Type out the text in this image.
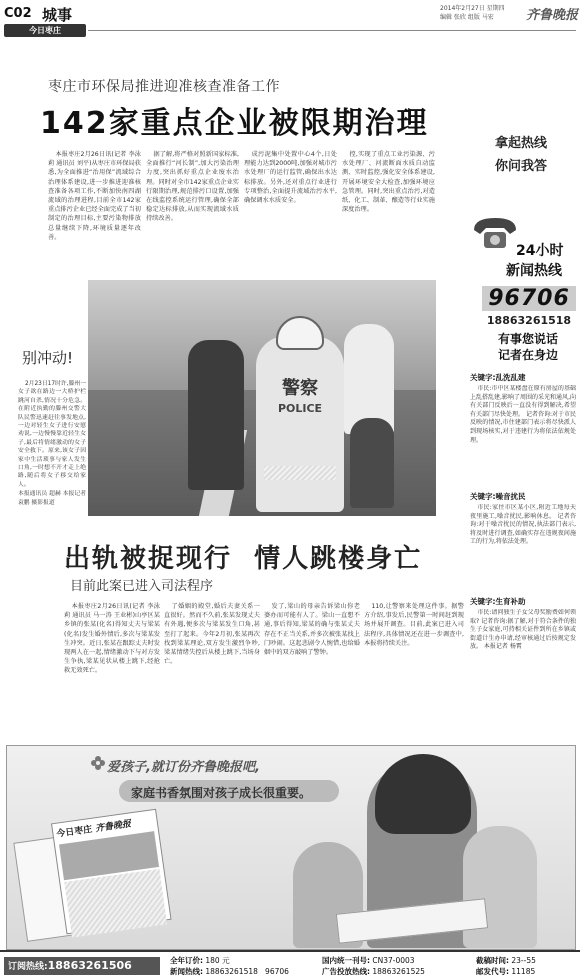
C02 城事
今日枣庄
2014年2月27日 星期四
编辑 张欣 组版 马宏	齐鲁晚报
枣庄市环保局推进迎准核查准备工作
142家重点企业被限期治理

本报枣庄2月26日讯(记者 李泳莉 通讯员 刘平)从枣庄市环保局获悉,为全面推进“治用保”流域综合治理体系建设,进一步推进迎准核查准备各项工作,不断加快南四湖流域的治理进程,目前全市142家重点排污企业已经全面完成了当初制定的治理目标,主要污染物排放总量继续下降,环境质量逐年改善。

据了解,将严格对照新国家标准,全面推行“河长制”,加大污染治理力度,突出抓好重点企业废水治理。同时对全市142家重点企业实行限期治理,规范排污口设置,加强在线监控系统运行管理,确保全部稳定达标排放,从而实现流域水质持续改善。

成污泥集中处置中心4个,日处理能力达到2000吨,加强对城市污水处理厂的运行监管,确保出水达标排放。另外,还对重点行业进行专项整治,全面提升流域治污水平,确保调水水质安全。

控,实现了重点工业污染源、污水处理厂、河流断面水质自动监测、实时监控,强化安全体系建设,开展环境安全大检查,加强环境应急管理。同时,突出重点治污,对造纸、化工、制革、酿造等行业实施深度治理。

拿起热线
你问我答
24小时
新闻热线
96706
18863261518
有事您说话
记者在身边
别冲动!

2月23日17时许,滕州一女子欲在路边一大桥护栏跳河自杀,情况十分危急。在附近执勤的滕州交警大队民警迅速赶往事发地点,一边对轻生女子进行安慰劝说,一边慢慢靠近轻生女子,最后将情绪激动的女子安全救下。原来,该女子因家中生活琐事与家人发生口角,一时想不开才走上绝路,随后将女子移交给家人。

本报通讯员 超赫 本报记者 袁鹏 摄影报道

警察
POLICE
关键字:乱洗乱建

市民:市中区某楼盘在原有房屋的基础上乱搭乱建,影响了周围的采光和通风,向有关部门反映后一直没有得到解决,希望有关部门尽快处理。 记者咨询:对于市民反映的情况,市住建部门表示将尽快派人到现场核实,对于违建行为将依法依规处理。

关键字:噪音扰民

市民:家住市区某小区,附近工地每天夜里施工,噪音扰民,影响休息。 记者咨询:对于噪音扰民的情况,执法部门表示,将及时进行调查,如确实存在违规夜间施工的行为,将依法处理。

关键字:生育补助

市民:请问独生子女父母奖励费如何领取? 记者咨询:据了解,对于符合条件的独生子女家庭,可持相关证件到所在乡镇或街道计生办申请,经审核通过后按规定发放。 本报记者 杨霄

出轨被捉现行  情人跳楼身亡
目前此案已进入司法程序

本报枣庄2月26日讯(记者 李泳莉 通讯员 马一涛 王业彬)山亭区某乡镇的张某(化名)得知丈夫与梁某(化名)发生婚外情后,多次与梁某发生冲突。近日,张某在跟踪丈夫时发现两人在一起,情绪激动下与对方发生争执,梁某见状从楼上跳下,经抢救无效死亡。

了婚姻的殿堂,婚后夫妻关系一直很好。然而不久前,张某发现丈夫有外遇,便多次与梁某发生口角,甚至打了起来。今年2月初,张某再次找到梁某理论,双方发生激烈争吵,梁某情绪失控后从楼上跳下,当场身亡。

发了,梁山的母亲告诉梁山你老婆办而可能有人了。梁山一直想不通,事后得知,梁某的确与张某丈夫存在不正当关系,并多次被张某找上门吵闹。这起悲剧令人惋惜,也给婚姻中的双方敲响了警钟。

110,让警察来处理这件事。据警方介绍,事发后,民警第一时间赶到现场并展开调查。目前,此案已进入司法程序,具体情况还在进一步调查中,本报将持续关注。

爱孩子,就订份齐鲁晚报吧,
家庭书香氛围对孩子成长很重要。
今日枣庄 齐鲁晚报
订阅热线:18863261506	全年订价: 180 元
新闻热线: 18863261518 96706
国内统一刊号: CN37-0003
广告投放热线: 18863261525
截稿时间: 23--55
邮发代号: 11185
